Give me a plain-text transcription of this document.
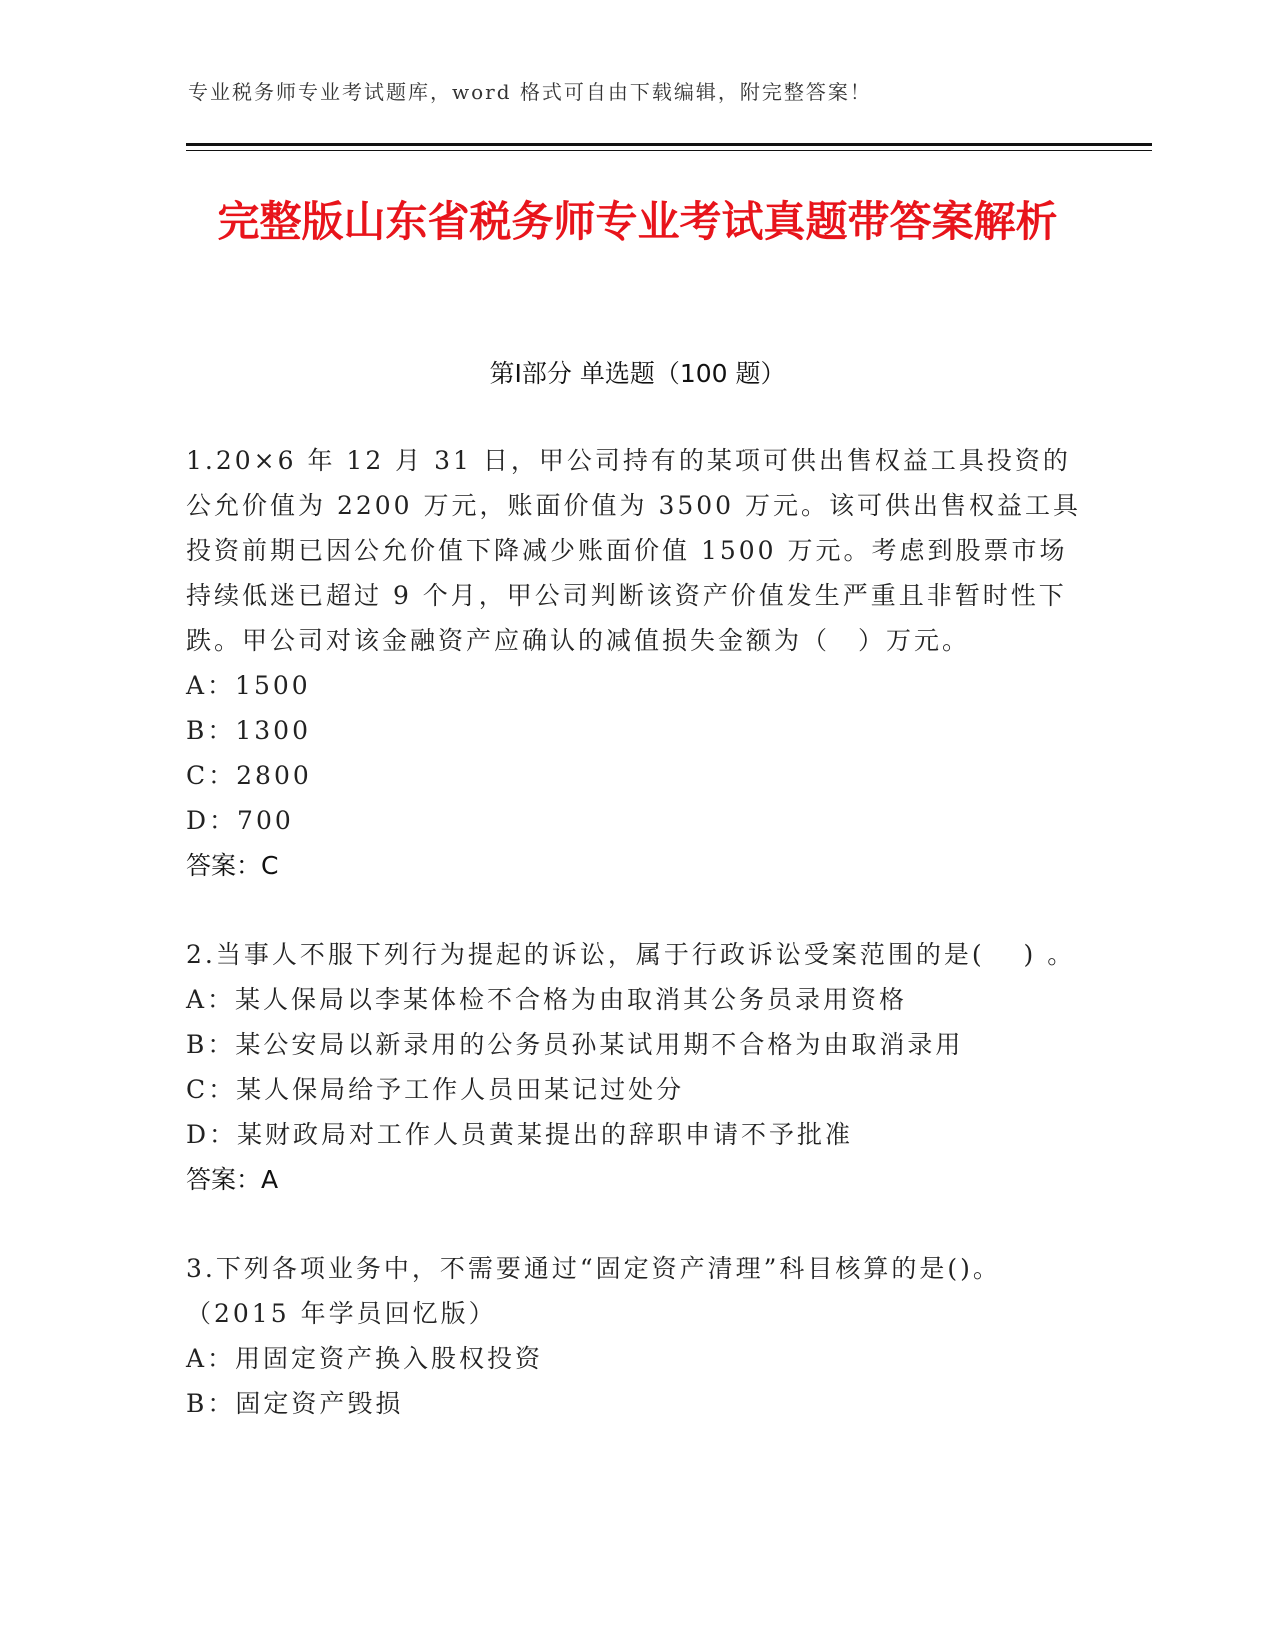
专业税务师专业考试题库，word 格式可自由下载编辑，附完整答案！
完整版山东省税务师专业考试真题带答案解析
第Ⅰ部分 单选题（100 题）
1.20×6 年 12 月 31 日，甲公司持有的某项可供出售权益工具投资的公允价值为 2200 万元，账面价值为 3500 万元。该可供出售权益工具投资前期已因公允价值下降减少账面价值 1500 万元。考虑到股票市场持续低迷已超过 9 个月，甲公司判断该资产价值发生严重且非暂时性下跌。甲公司对该金融资产应确认的减值损失金额为（　）万元。
A：1500
B：1300
C：2800
D：700
答案：C
2.当事人不服下列行为提起的诉讼，属于行政诉讼受案范围的是(　 ) 。
A：某人保局以李某体检不合格为由取消其公务员录用资格
B：某公安局以新录用的公务员孙某试用期不合格为由取消录用
C：某人保局给予工作人员田某记过处分
D：某财政局对工作人员黄某提出的辞职申请不予批准
答案：A
3.下列各项业务中，不需要通过“固定资产清理”科目核算的是()。（2015 年学员回忆版）
A：用固定资产换入股权投资
B：固定资产毁损
